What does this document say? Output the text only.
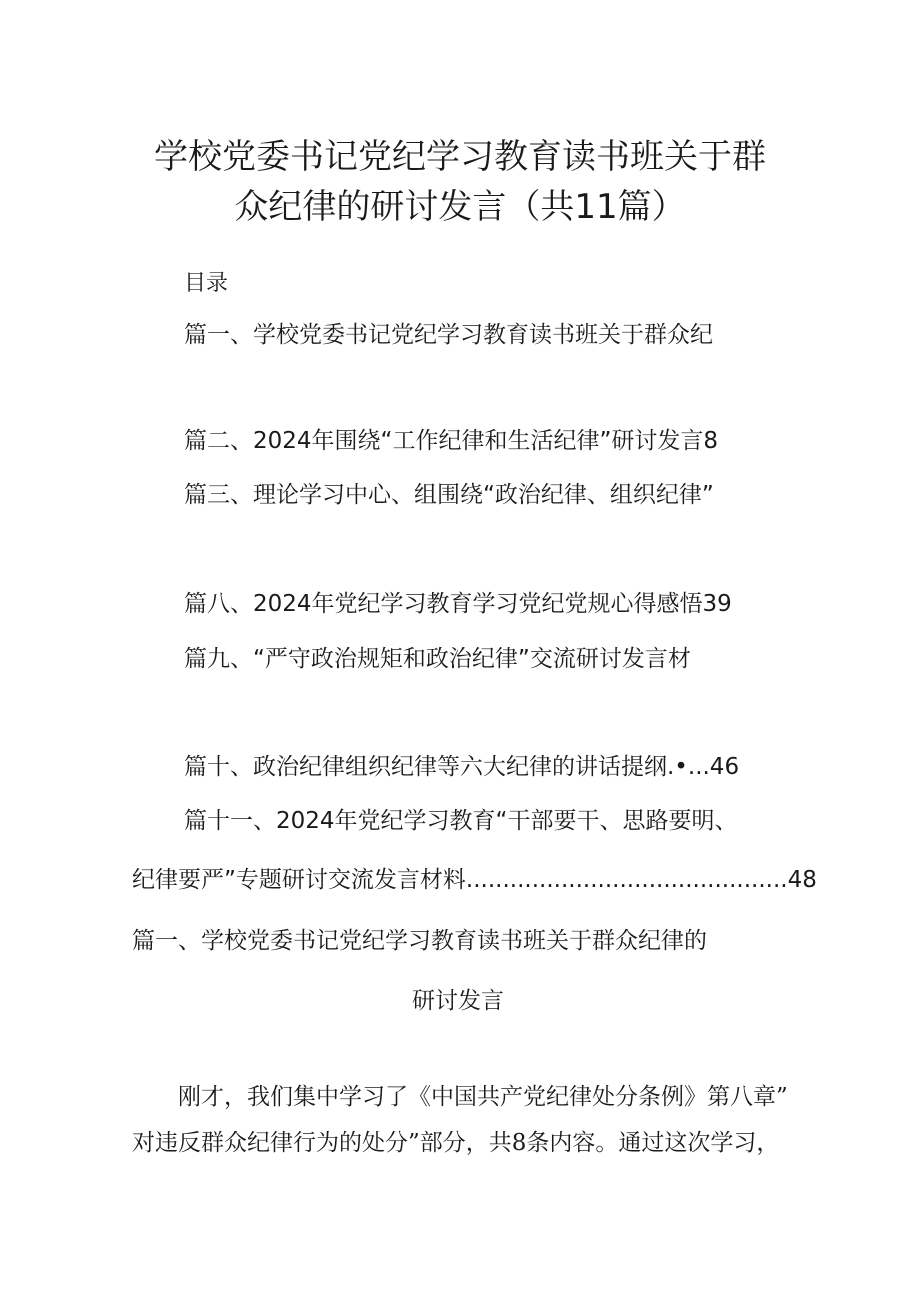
学校党委书记党纪学习教育读书班关于群
众纪律的研讨发言（共11篇）
目录
篇一、学校党委书记党纪学习教育读书班关于群众纪
篇二、2024年围绕“工作纪律和生活纪律”研讨发言8
篇三、理论学习中心、组围绕“政治纪律、组织纪律”
篇八、2024年党纪学习教育学习党纪党规心得感悟39
篇九、“严守政治规矩和政治纪律”交流研讨发言材
篇十、政治纪律组织纪律等六大纪律的讲话提纲.•...46
篇十一、2024年党纪学习教育“干部要干、思路要明、
纪律要严”专题研讨交流发言材料............................................48
篇一、学校党委书记党纪学习教育读书班关于群众纪律的
研讨发言
刚才，我们集中学习了《中国共产党纪律处分条例》第八章”
对违反群众纪律行为的处分”部分，共8条内容。通过这次学习，
